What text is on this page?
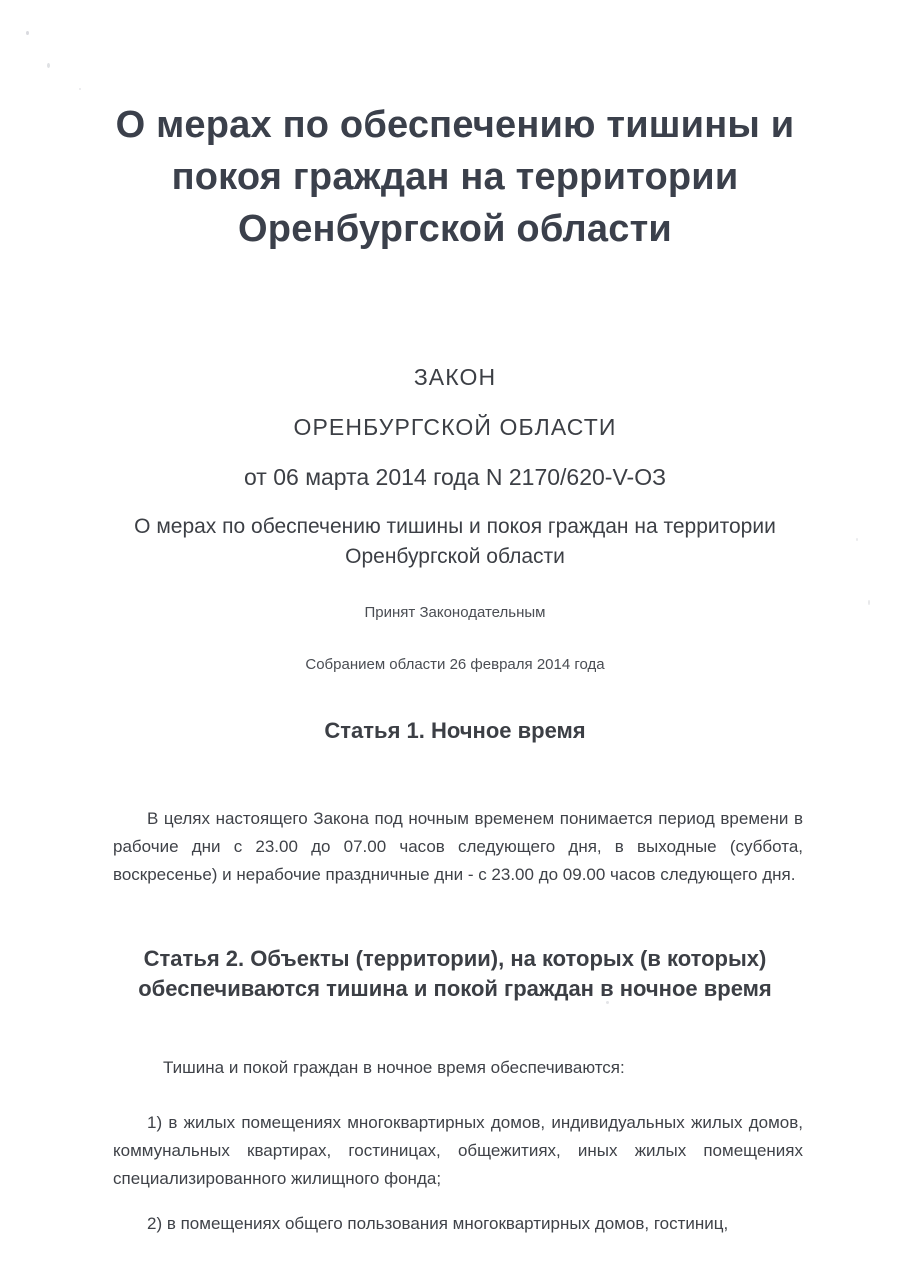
О мерах по обеспечению тишины и покоя граждан на территории Оренбургской области
ЗАКОН
ОРЕНБУРГСКОЙ ОБЛАСТИ
от 06 марта 2014 года N 2170/620-V-ОЗ
О мерах по обеспечению тишины и покоя граждан на территории Оренбургской области
Принят Законодательным
Собранием области 26 февраля 2014 года
Статья 1. Ночное время

В целях настоящего Закона под ночным временем понимается период времени в рабочие дни с 23.00 до 07.00 часов следующего дня, в выходные (суббота, воскресенье) и нерабочие праздничные дни - с 23.00 до 09.00 часов следующего дня.

Статья 2. Объекты (территории), на которых (в которых) обеспечиваются тишина и покой граждан в ночное время

Тишина и покой граждан в ночное время обеспечиваются:

1) в жилых помещениях многоквартирных домов, индивидуальных жилых домов, коммунальных квартирах, гостиницах, общежитиях, иных жилых помещениях специализированного жилищного фонда;

2) в помещениях общего пользования многоквартирных домов, гостиниц,
